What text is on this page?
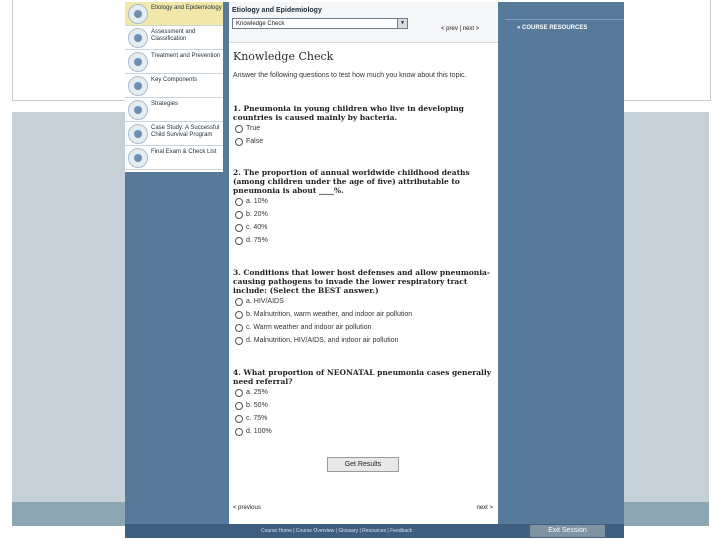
Etiology and Epidemiology
Assessment and Classification
Treatment and Prevention
Key Components
Strategies
Case Study: A Successful Child Survival Program
Final Exam & Check List
Etiology and Epidemiology
Knowledge Check	▼
< prev | next >
Knowledge Check
Answer the following questions to test how much you know about this topic.
1. Pneumonia in young children who live in developing countries is caused mainly by bacteria.
True
False
2. The proportion of annual worldwide childhood deaths (among children under the age of five) attributable to pneumonia is about ____%.
a. 10%
b. 20%
c. 40%
d. 75%
3. Conditions that lower host defenses and allow pneumonia-causing pathogens to invade the lower respiratory tract include: (Select the BEST answer.)
a. HIV/AIDS
b. Malnutrition, warm weather, and indoor air pollution
c. Warm weather and indoor air pollution
d. Malnutrition, HIV/AIDS, and indoor air pollution
4. What proportion of NEONATAL pneumonia cases generally need referral?
a. 25%
b. 50%
c. 75%
d. 100%
Get Results
< previous	next >
» COURSE RESOURCES
Course Home | Course Overview | Glossary | Resources | Feedback	Exit Session
